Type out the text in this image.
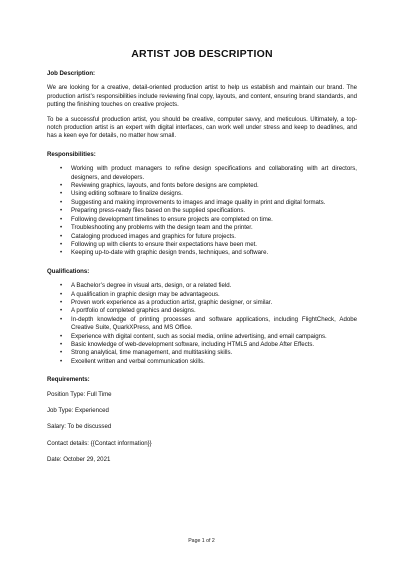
ARTIST JOB DESCRIPTION
Job Description:

We are looking for a creative, detail-oriented production artist to help us establish and maintain our brand. The production artist’s responsibilities include reviewing final copy, layouts, and content, ensuring brand standards, and putting the finishing touches on creative projects.

To be a successful production artist, you should be creative, computer savvy, and meticulous. Ultimately, a top-notch production artist is an expert with digital interfaces, can work well under stress and keep to deadlines, and has a keen eye for details, no matter how small.

Responsibilities:
• Working with product managers to refine design specifications and collaborating with art directors, designers, and developers.
• Reviewing graphics, layouts, and fonts before designs are completed.
• Using editing software to finalize designs.
• Suggesting and making improvements to images and image quality in print and digital formats.
• Preparing press-ready files based on the supplied specifications.
• Following development timelines to ensure projects are completed on time.
• Troubleshooting any problems with the design team and the printer.
• Cataloging produced images and graphics for future projects.
• Following up with clients to ensure their expectations have been met.
• Keeping up-to-date with graphic design trends, techniques, and software.
Qualifications:
• A Bachelor’s degree in visual arts, design, or a related field.
• A qualification in graphic design may be advantageous.
• Proven work experience as a production artist, graphic designer, or similar.
• A portfolio of completed graphics and designs.
• In-depth knowledge of printing processes and software applications, including FlightCheck, Adobe Creative Suite, QuarkXPress, and MS Office.
• Experience with digital content, such as social media, online advertising, and email campaigns.
• Basic knowledge of web-development software, including HTML5 and Adobe After Effects.
• Strong analytical, time management, and multitasking skills.
• Excellent written and verbal communication skills.
Requirements:
Position Type: Full Time
Job Type: Experienced
Salary: To be discussed
Contact details: {{Contact information}}
Date: October 29, 2021
Page 1 of 2
